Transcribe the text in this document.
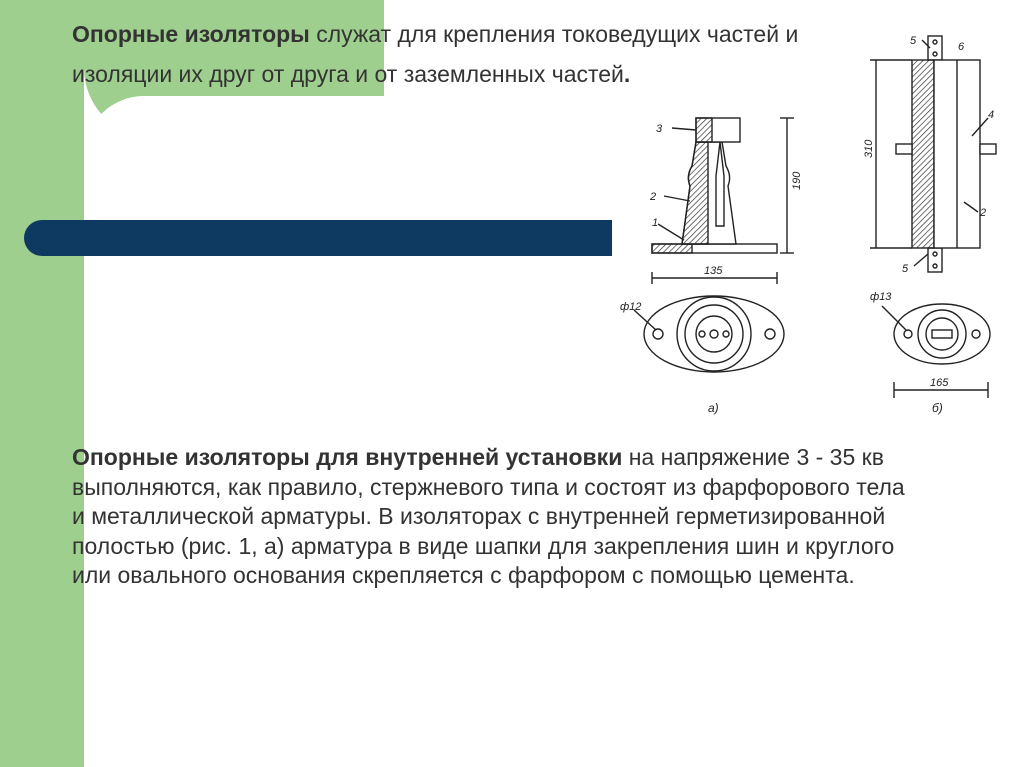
Опорные изоляторы служат для крепления токоведущих частей и изоляции их друг от друга и от заземленных частей.

3
2
1
190
135
ф12
а)
5	6
4
2
5
310
165
ф13
б)

Опорные изоляторы для внутренней установки на напряжение 3 - 35 кв выполняются, как правило, стержневого типа и состоят из фарфорового тела и металлической арматуры. В изоляторах с внутренней герметизированной полостью (рис. 1, а) арматура в виде шапки для закрепления шин и круглого или овального основания скрепляется с фарфором с помощью цемента.
